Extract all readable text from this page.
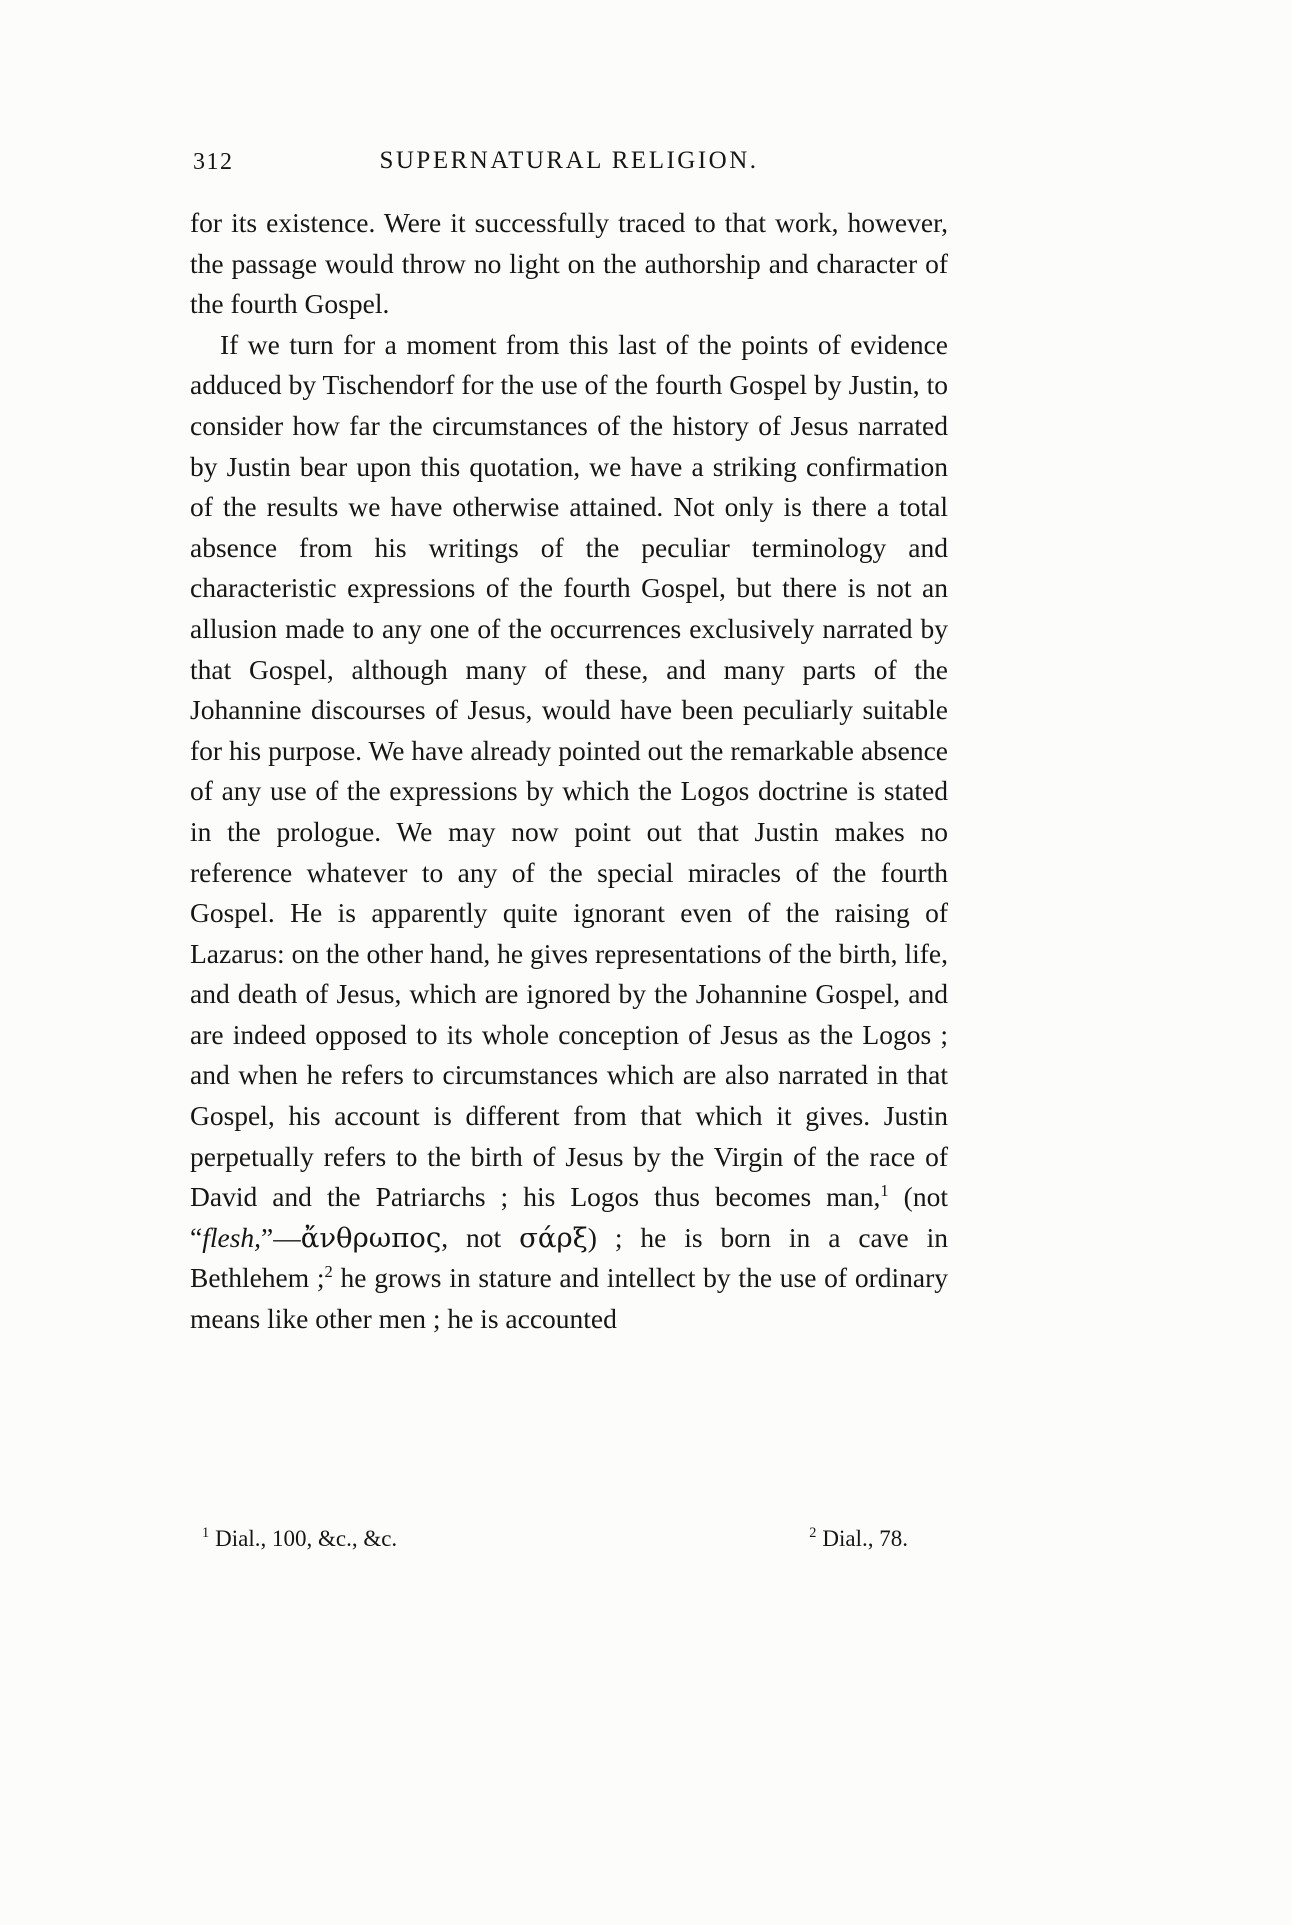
312	SUPERNATURAL RELIGION.

for its existence. Were it successfully traced to that work, however, the passage would throw no light on the authorship and character of the fourth Gospel.

If we turn for a moment from this last of the points of evidence adduced by Tischendorf for the use of the fourth Gospel by Justin, to consider how far the circumstances of the history of Jesus narrated by Justin bear upon this quotation, we have a striking confirmation of the results we have otherwise attained. Not only is there a total absence from his writings of the peculiar terminology and characteristic expressions of the fourth Gospel, but there is not an allusion made to any one of the occurrences exclusively narrated by that Gospel, although many of these, and many parts of the Johannine discourses of Jesus, would have been peculiarly suitable for his purpose. We have already pointed out the remarkable absence of any use of the expressions by which the Logos doctrine is stated in the prologue. We may now point out that Justin makes no reference whatever to any of the special miracles of the fourth Gospel. He is apparently quite ignorant even of the raising of Lazarus: on the other hand, he gives representations of the birth, life, and death of Jesus, which are ignored by the Johannine Gospel, and are indeed opposed to its whole conception of Jesus as the Logos ; and when he refers to circumstances which are also narrated in that Gospel, his account is different from that which it gives. Justin perpetually refers to the birth of Jesus by the Virgin of the race of David and the Patriarchs ; his Logos thus becomes man,$^1$ (not “flesh,”—ἄνθρωπος, not σάρξ) ; he is born in a cave in Bethlehem ;$^2$ he grows in stature and intellect by the use of ordinary means like other men ; he is accounted

$^1$ Dial., 100, &c., &c.	$^2$ Dial., 78.
